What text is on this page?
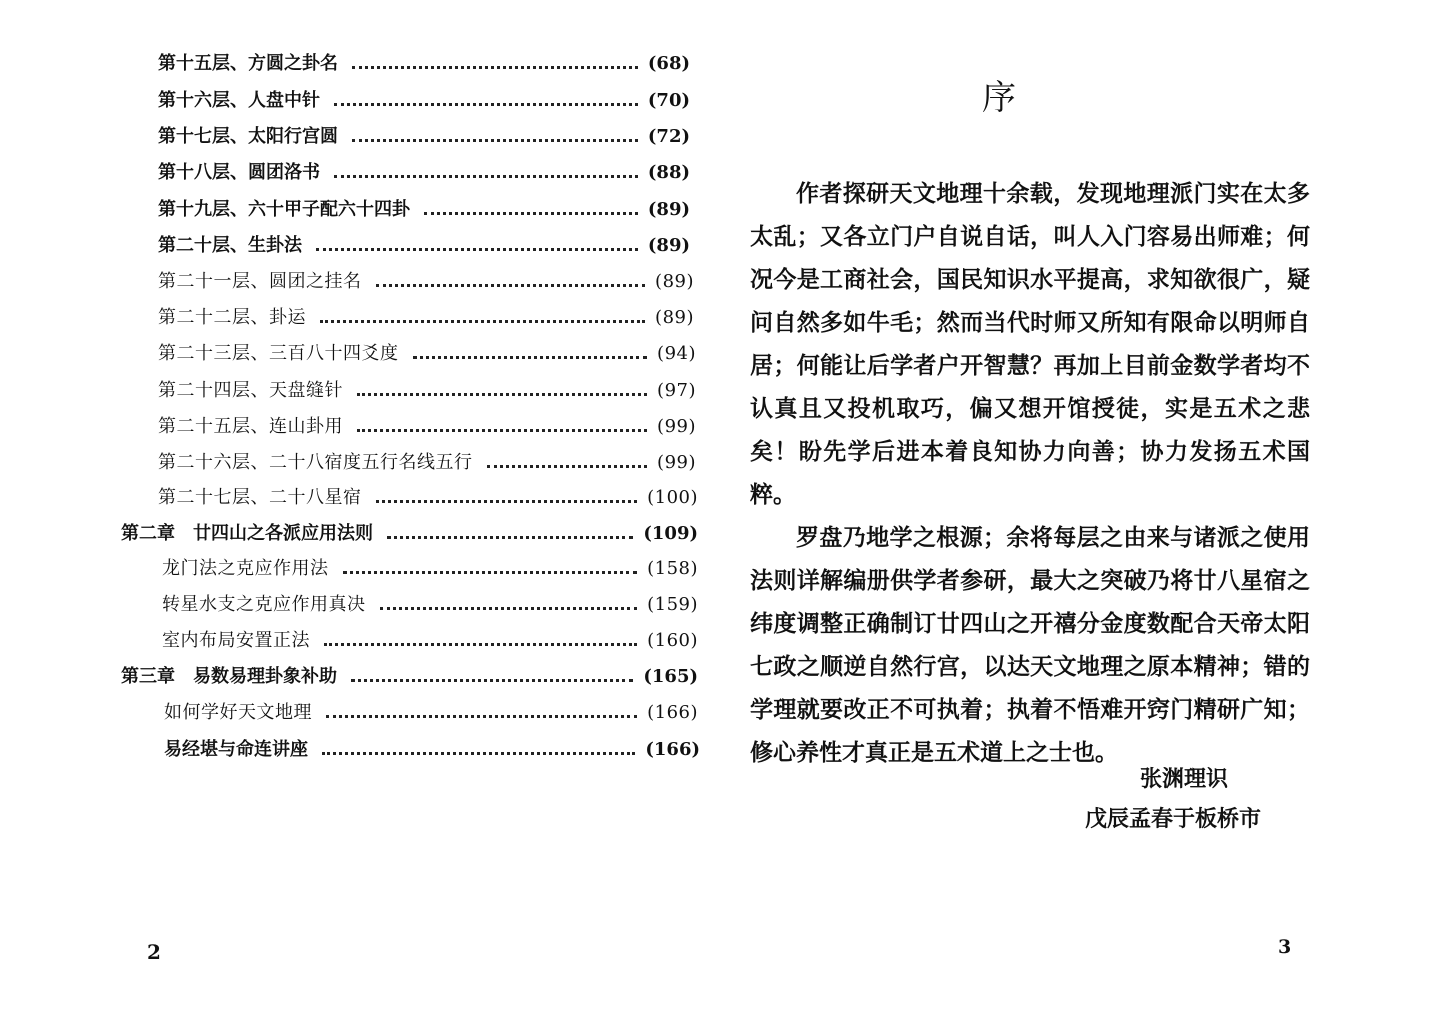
第十五层、方圆之卦名	(68)
第十六层、人盘中针	(70)
第十七层、太阳行宫圆	(72)
第十八层、圆团洛书	(88)
第十九层、六十甲子配六十四卦	(89)
第二十层、生卦法	(89)
第二十一层、圆团之挂名	(89)
第二十二层、卦运	(89)
第二十三层、三百八十四爻度	(94)
第二十四层、天盘缝针	(97)
第二十五层、连山卦用	(99)
第二十六层、二十八宿度五行名线五行	(99)
第二十七层、二十八星宿	(100)
第二章　廿四山之各派应用法则	(109)
龙门法之克应作用法	(158)
转星水支之克应作用真决	(159)
室内布局安置正法	(160)
第三章　易数易理卦象补助	(165)
如何学好天文地理	(166)
易经堪与命连讲座	(166)
2
序

作者探研天文地理十余载，发现地理派门实在太多太乱；又各立门户自说自话，叫人入门容易出师难；何况今是工商社会，国民知识水平提高，求知欲很广，疑问自然多如牛毛；然而当代时师又所知有限命以明师自居；何能让后学者户开智慧？再加上目前金数学者均不认真且又投机取巧，偏又想开馆授徒，实是五术之悲矣！盼先学后进本着良知协力向善；协力发扬五术国粹。

罗盘乃地学之根源；余将每层之由来与诸派之使用法则详解编册供学者参研，最大之突破乃将廿八星宿之纬度调整正确制订廿四山之开禧分金度数配合天帝太阳七政之顺逆自然行宫，以达天文地理之原本精神；错的学理就要改正不可执着；执着不悟难开窍门精研广知；修心养性才真正是五术道上之士也。

张渊理识
戊辰孟春于板桥市
3
